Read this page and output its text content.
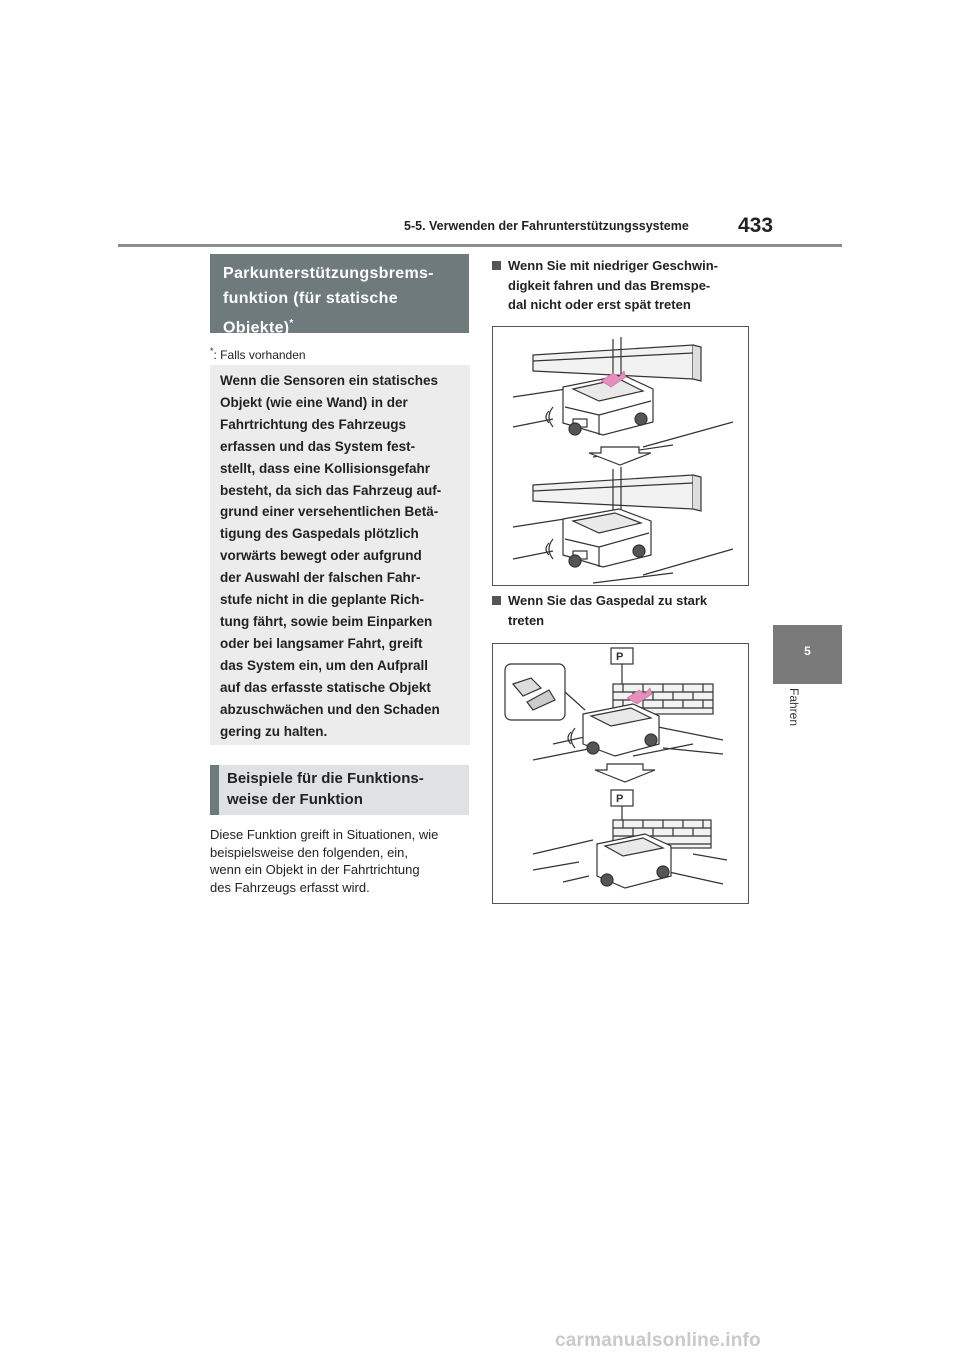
5-5. Verwenden der Fahrunterstützungssysteme 433
5
Fahren
Parkunterstützungsbrems-
funktion (für statische
Objekte)*
*: Falls vorhanden
Wenn die Sensoren ein statisches
Objekt (wie eine Wand) in der
Fahrtrichtung des Fahrzeugs
erfassen und das System fest-
stellt, dass eine Kollisionsgefahr
besteht, da sich das Fahrzeug auf-
grund einer versehentlichen Betä-
tigung des Gaspedals plötzlich
vorwärts bewegt oder aufgrund
der Auswahl der falschen Fahr-
stufe nicht in die geplante Rich-
tung fährt, sowie beim Einparken
oder bei langsamer Fahrt, greift
das System ein, um den Aufprall
auf das erfasste statische Objekt
abzuschwächen und den Schaden
gering zu halten.
Beispiele für die Funktions-
weise der Funktion
Diese Funktion greift in Situationen, wie
beispielsweise den folgenden, ein,
wenn ein Objekt in der Fahrtrichtung
des Fahrzeugs erfasst wird.
Wenn Sie mit niedriger Geschwin-
digkeit fahren und das Bremspe-
dal nicht oder erst spät treten
Wenn Sie das Gaspedal zu stark
treten
P
P
carmanualsonline.info
